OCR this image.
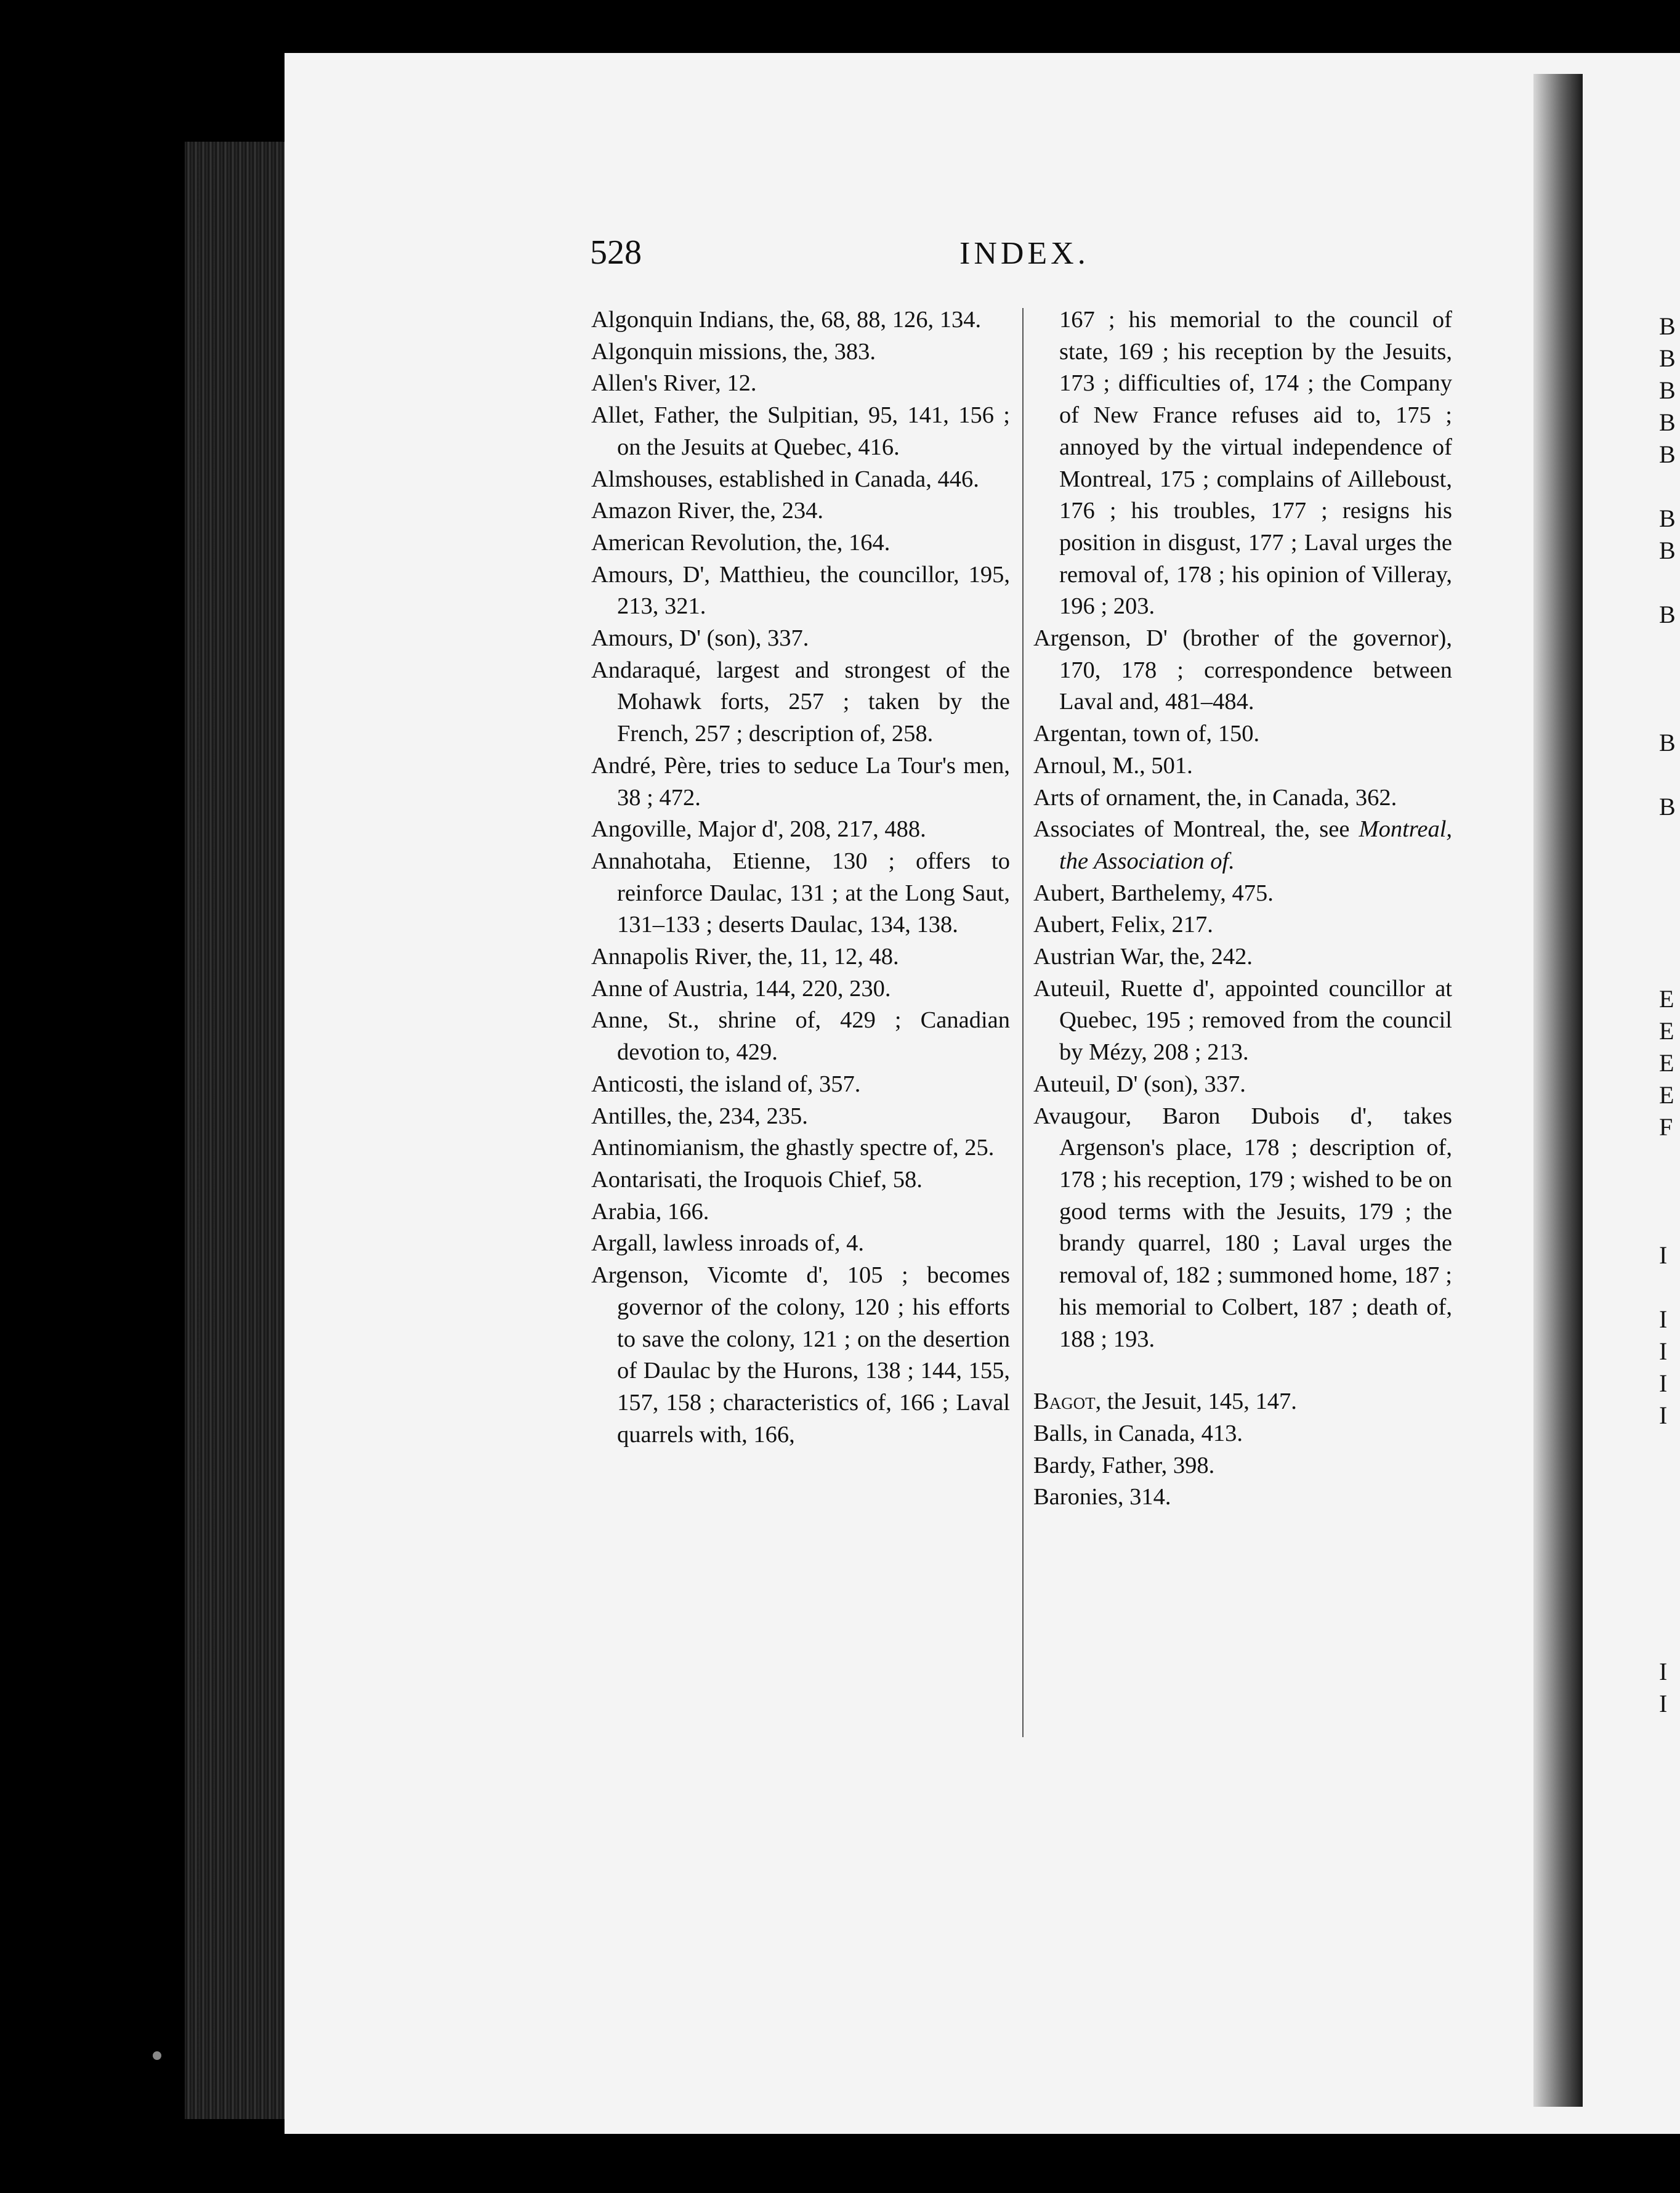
528	INDEX.

Algonquin Indians, the, 68, 88, 126, 134.

Algonquin missions, the, 383.

Allen's River, 12.

Allet, Father, the Sulpitian, 95, 141, 156 ; on the Jesuits at Quebec, 416.

Almshouses, established in Canada, 446.

Amazon River, the, 234.

American Revolution, the, 164.

Amours, D', Matthieu, the councillor, 195, 213, 321.

Amours, D' (son), 337.

Andaraqué, largest and strongest of the Mohawk forts, 257 ; taken by the French, 257 ; description of, 258.

André, Père, tries to seduce La Tour's men, 38 ; 472.

Angoville, Major d', 208, 217, 488.

Annahotaha, Etienne, 130 ; offers to reinforce Daulac, 131 ; at the Long Saut, 131–133 ; deserts Daulac, 134, 138.

Annapolis River, the, 11, 12, 48.

Anne of Austria, 144, 220, 230.

Anne, St., shrine of, 429 ; Canadian devotion to, 429.

Anticosti, the island of, 357.

Antilles, the, 234, 235.

Antinomianism, the ghastly spectre of, 25.

Aontarisati, the Iroquois Chief, 58.

Arabia, 166.

Argall, lawless inroads of, 4.

Argenson, Vicomte d', 105 ; becomes governor of the colony, 120 ; his efforts to save the colony, 121 ; on the desertion of Daulac by the Hurons, 138 ; 144, 155, 157, 158 ; characteristics of, 166 ; Laval quarrels with, 166,

167 ; his memorial to the council of state, 169 ; his reception by the Jesuits, 173 ; difficulties of, 174 ; the Company of New France refuses aid to, 175 ; annoyed by the virtual independence of Montreal, 175 ; complains of Ailleboust, 176 ; his troubles, 177 ; resigns his position in disgust, 177 ; Laval urges the removal of, 178 ; his opinion of Villeray, 196 ; 203.

Argenson, D' (brother of the governor), 170, 178 ; correspondence between Laval and, 481–484.

Argentan, town of, 150.

Arnoul, M., 501.

Arts of ornament, the, in Canada, 362.

Associates of Montreal, the, see Montreal, the Association of.

Aubert, Barthelemy, 475.

Aubert, Felix, 217.

Austrian War, the, 242.

Auteuil, Ruette d', appointed councillor at Quebec, 195 ; removed from the council by Mézy, 208 ; 213.

Auteuil, D' (son), 337.

Avaugour, Baron Dubois d', takes Argenson's place, 178 ; description of, 178 ; his reception, 179 ; wished to be on good terms with the Jesuits, 179 ; the brandy quarrel, 180 ; Laval urges the removal of, 182 ; summoned home, 187 ; his memorial to Colbert, 187 ; death of, 188 ; 193.

Bagot, the Jesuit, 145, 147.

Balls, in Canada, 413.

Bardy, Father, 398.

Baronies, 314.

B
B
B
B
B
B
B
B
B
B
E
E
E
E
F
I
I
I
I
I
I
I
